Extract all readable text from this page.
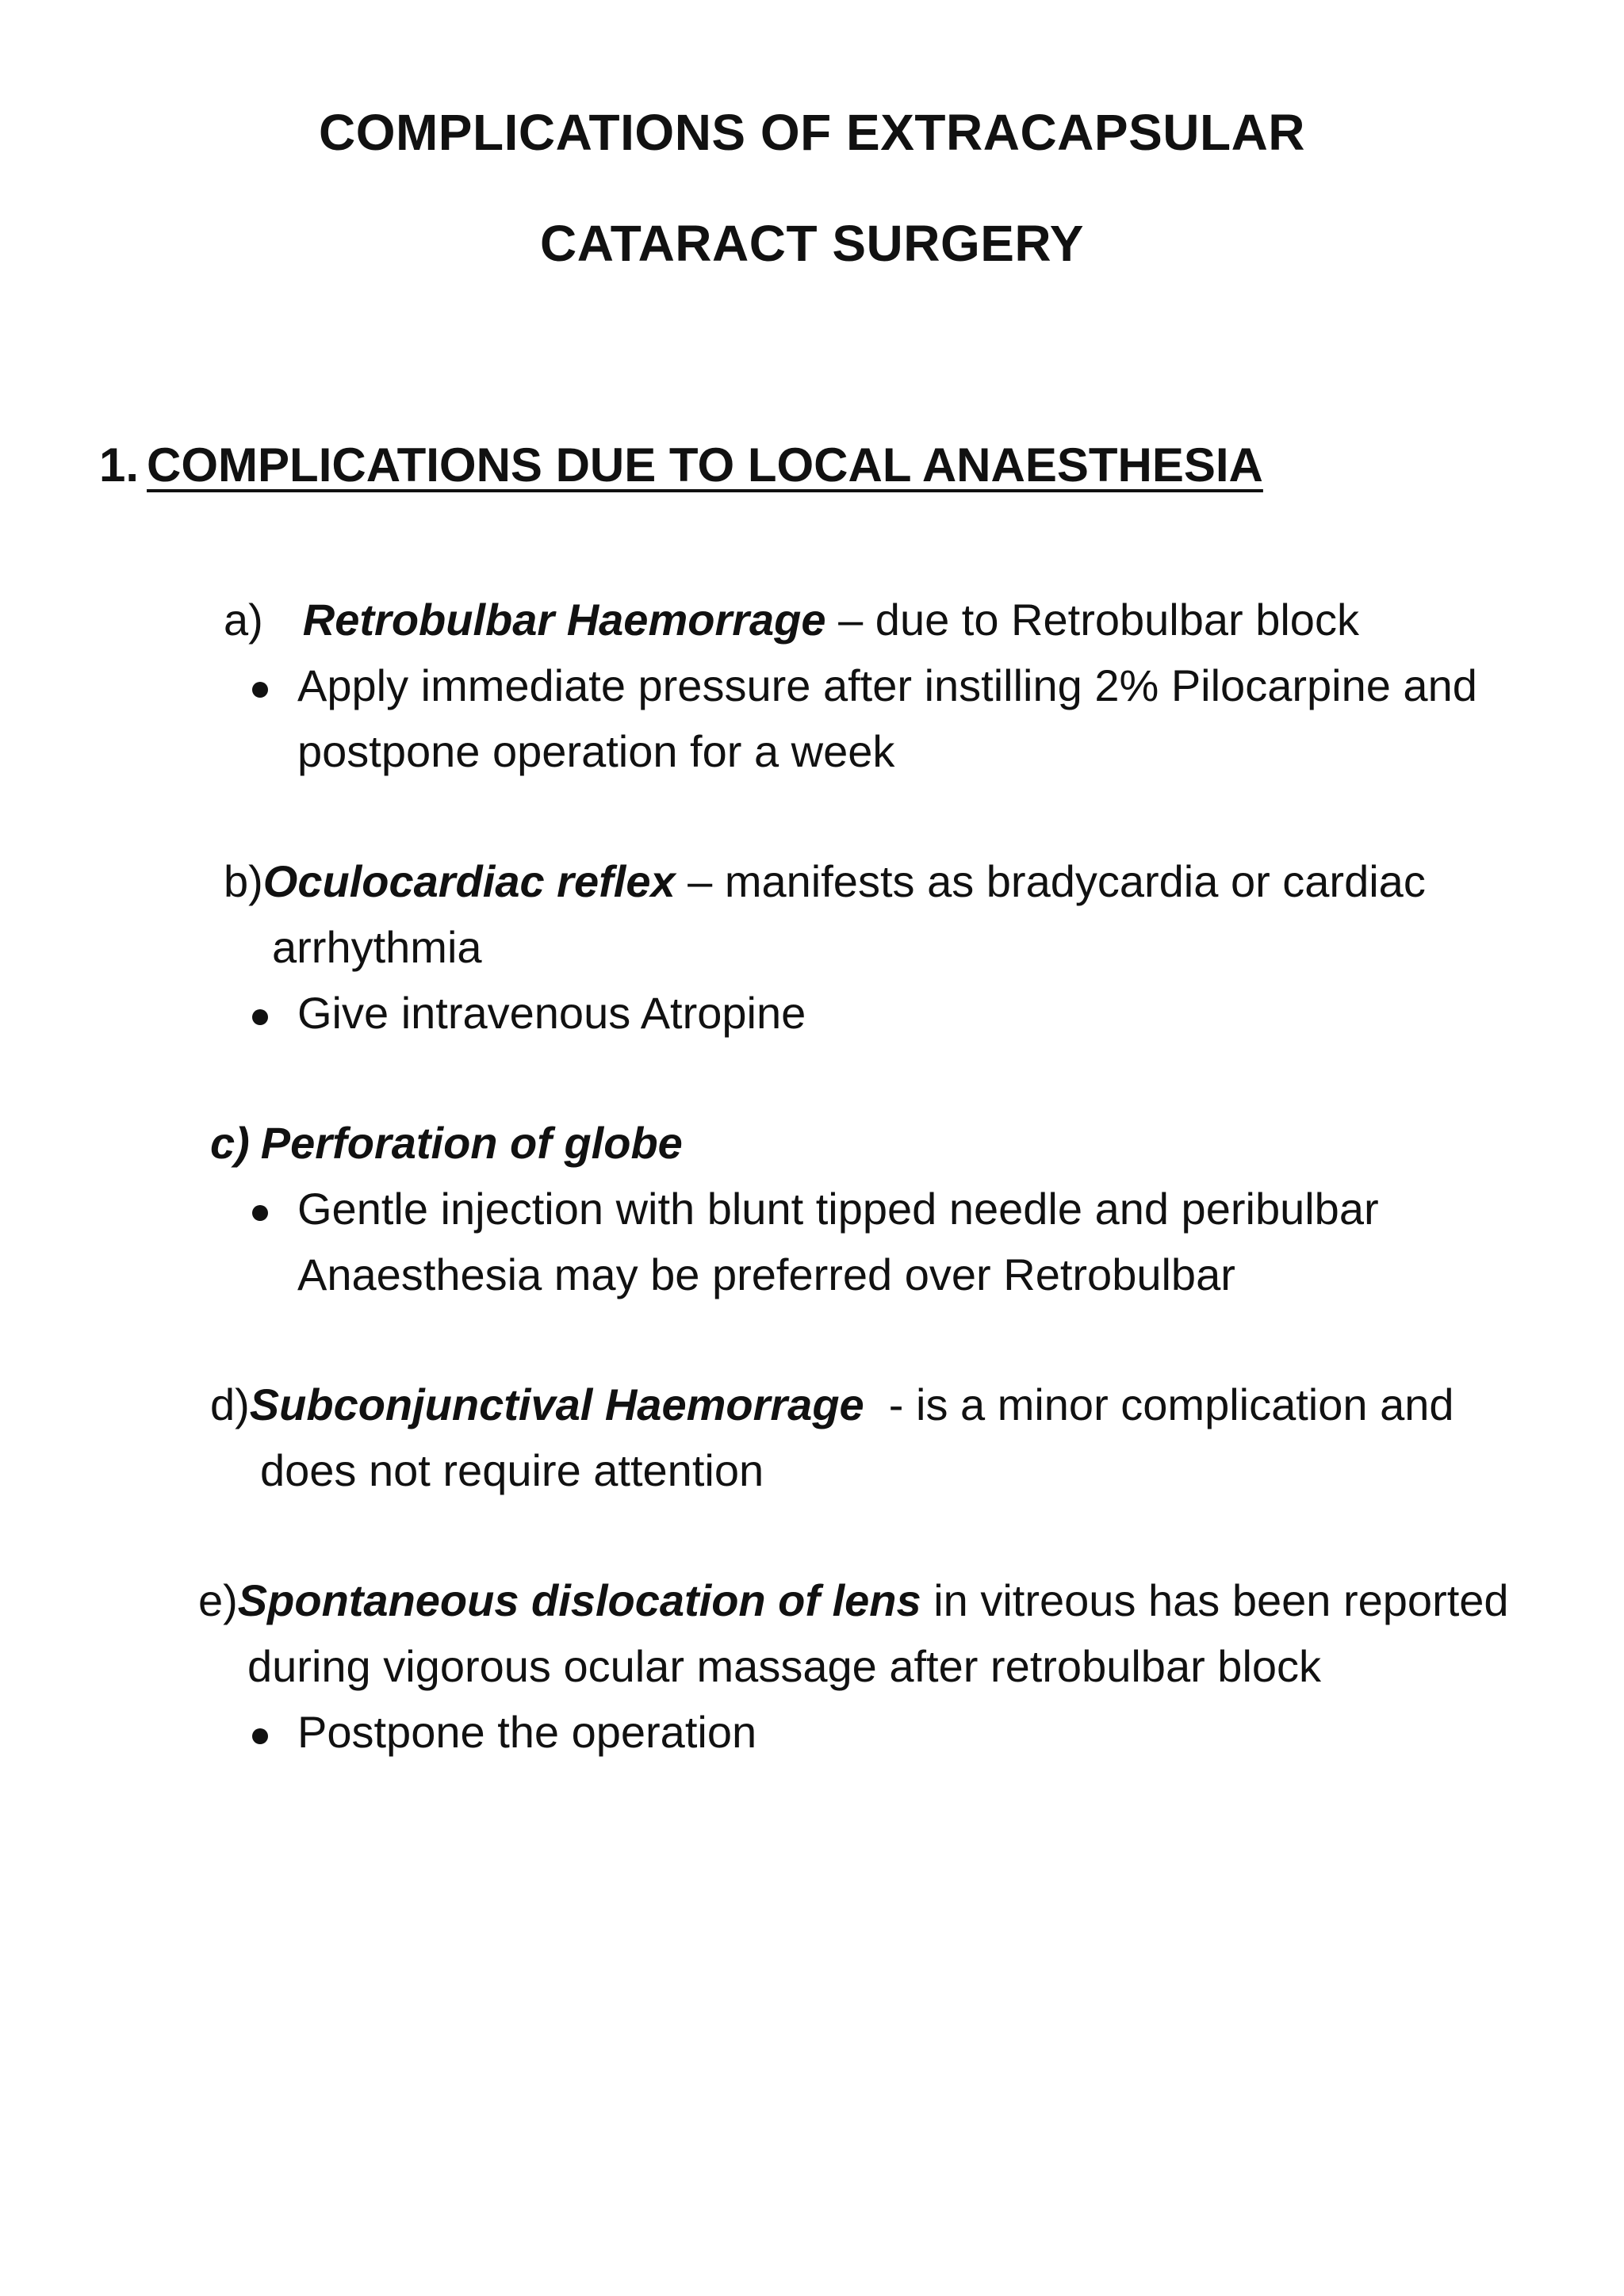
COMPLICATIONS OF EXTRACAPSULAR
CATARACT SURGERY
1. COMPLICATIONS DUE TO LOCAL ANAESTHESIA
a) Retrobulbar Haemorrage – due to Retrobulbar block
Apply immediate pressure after instilling 2% Pilocarpine and
postpone operation for a week
b)Oculocardiac reflex – manifests as bradycardia or cardiac
arrhythmia
Give intravenous Atropine
c) Perforation of globe
Gentle injection with blunt tipped needle and peribulbar
Anaesthesia may be preferred over Retrobulbar
d)Subconjunctival Haemorrage  - is a minor complication and
does not require attention
e)Spontaneous dislocation of lens in vitreous has been reported
during vigorous ocular massage after retrobulbar block
Postpone the operation
